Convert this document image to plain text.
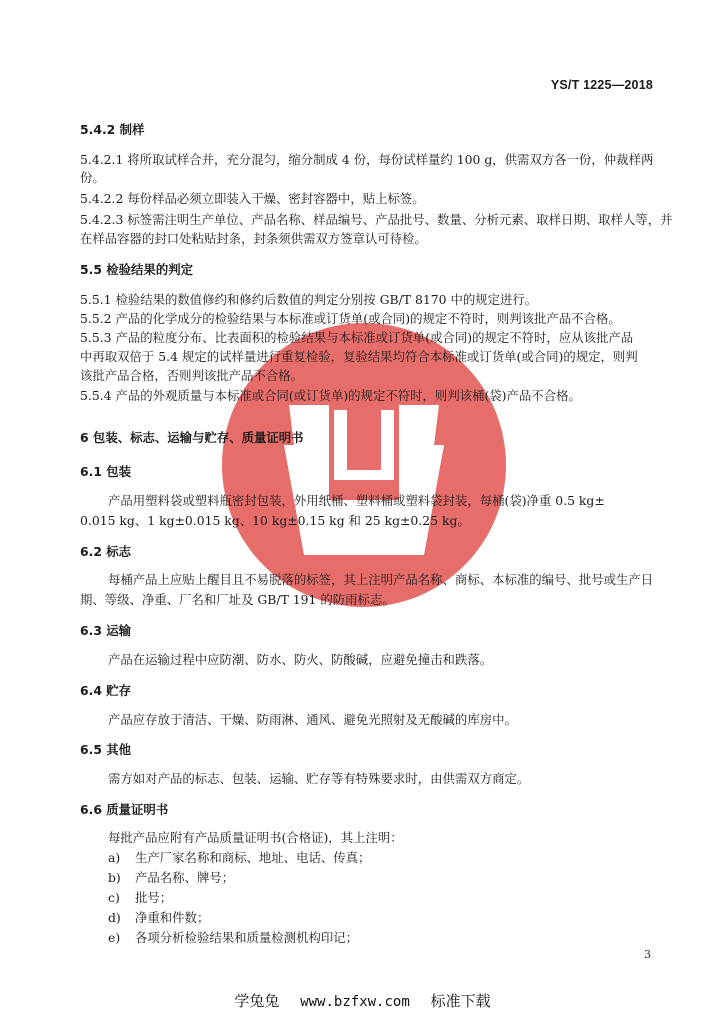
YS/T 1225—2018
5.4.2 制样
5.4.2.1 将所取试样合并，充分混匀，缩分制成 4 份，每份试样量约 100 g，供需双方各一份，仲裁样两
份。
5.4.2.2 每份样品必须立即装入干燥、密封容器中，贴上标签。
5.4.2.3 标签需注明生产单位、产品名称、样品编号、产品批号、数量、分析元素、取样日期、取样人等，并
在样品容器的封口处粘贴封条，封条须供需双方签章认可待检。
5.5 检验结果的判定
5.5.1 检验结果的数值修约和修约后数值的判定分别按 GB/T 8170 中的规定进行。
5.5.2 产品的化学成分的检验结果与本标准或订货单(或合同)的规定不符时，则判该批产品不合格。
5.5.3 产品的粒度分布、比表面积的检验结果与本标准或订货单(或合同)的规定不符时，应从该批产品
中再取双倍于 5.4 规定的试样量进行重复检验，复验结果均符合本标准或订货单(或合同)的规定，则判
该批产品合格，否则判该批产品不合格。
5.5.4 产品的外观质量与本标准或合同(或订货单)的规定不符时，则判该桶(袋)产品不合格。
6 包装、标志、运输与贮存、质量证明书
6.1 包装
产品用塑料袋或塑料瓶密封包装，外用纸桶、塑料桶或塑料袋封装，每桶(袋)净重 0.5 kg±
0.015 kg、1 kg±0.015 kg、10 kg±0.15 kg 和 25 kg±0.25 kg。
6.2 标志
每桶产品上应贴上醒目且不易脱落的标签，其上注明产品名称、商标、本标准的编号、批号或生产日
期、等级、净重、厂名和厂址及 GB/T 191 的防雨标志。
6.3 运输
产品在运输过程中应防潮、防水、防火、防酸碱，应避免撞击和跌落。
6.4 贮存
产品应存放于清洁、干燥、防雨淋、通风、避免光照射及无酸碱的库房中。
6.5 其他
需方如对产品的标志、包装、运输、贮存等有特殊要求时，由供需双方商定。
6.6 质量证明书
每批产品应附有产品质量证明书(合格证)，其上注明：
a) 生产厂家名称和商标、地址、电话、传真；
b) 产品名称、牌号；
c) 批号；
d) 净重和件数；
e) 各项分析检验结果和质量检测机构印记；
3
学兔兔 www.bzfxw.com 标准下载
